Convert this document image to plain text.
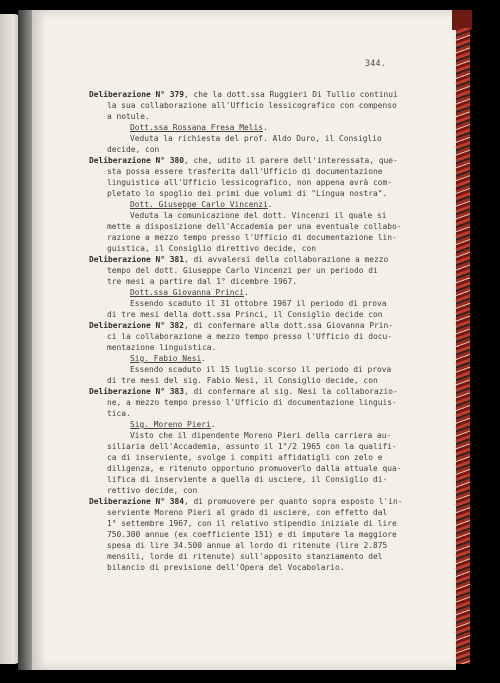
344.
Deliberazione N° 379, che la dott.ssa Ruggieri Di Tullio continui
la sua collaborazione all'Ufficio lessicografico con compenso
a notule.
Dott.ssa Rossana Fresa Melis.
Veduta la richiesta del prof. Aldo Duro, il Consiglio
decide, con
Deliberazione N° 380, che, udito il parere dell'interessata, que-
sta possa essere trasferita dall'Ufficio di documentazione
linguistica all'Ufficio lessicografico, non appena avrà com-
pletato lo spoglio dei primi due volumi di "Lingua nostra".
Dott. Giuseppe Carlo Vincenzi.
Veduta la comunicazione del dott. Vincenzi il quale si
mette a disposizione dell'Accademia per una eventuale collabo-
razione a mezzo tempo presso l'Ufficio di documentazione lin-
guistica, il Consiglio direttivo decide, con
Deliberazione N° 381, di avvalersi della collaborazione a mezzo
tempo del dott. Giuseppe Carlo Vincenzi per un periodo di
tre mesi a partire dal 1° dicembre 1967.
Dott.ssa Giovanna Princi.
Essendo scaduto il 31 ottobre 1967 il periodo di prova
di tre mesi della dott.ssa Princi, il Consiglio decide con
Deliberazione N° 382, di confermare alla dott.ssa Giovanna Prin-
ci la collaborazione a mezzo tempo presso l'Ufficio di docu-
mentazione linguistica.
Sig. Fabio Nesi.
Essendo scaduto il 15 luglio scorso il periodo di prova
di tre mesi del sig. Fabio Nesi, il Consiglio decide, con
Deliberazione N° 383, di confermare al sig. Nesi la collaborazio-
ne, a mezzo tempo presso l'Ufficio di documentazione linguis-
tica.
Sig. Moreno Pieri.
Visto che il dipendente Moreno Pieri della carriera au-
siliaria dell'Accademia, assunto il 1°/2 1965 con la qualifi-
ca di inserviente, svolge i compiti affidatigli con zelo e
diligenza, e ritenuto opportuno promuoverlo dalla attuale qua-
lifica di inserviente a quella di usciere, il Consiglio di-
rettivo decide, con
Deliberazione N° 384, di promuovere per quanto sopra esposto l'in-
serviente Moreno Pieri al grado di usciere, con effetto dal
1° settembre 1967, con il relativo stipendio iniziale di lire
750.300 annue (ex coefficiente 151) e di imputare la maggiore
spesa di lire 34.500 annue al lordo di ritenute (lire 2.875
mensili, lorde di ritenute) sull'apposito stanziamento del
bilancio di previsione dell'Opera del Vocabolario.
